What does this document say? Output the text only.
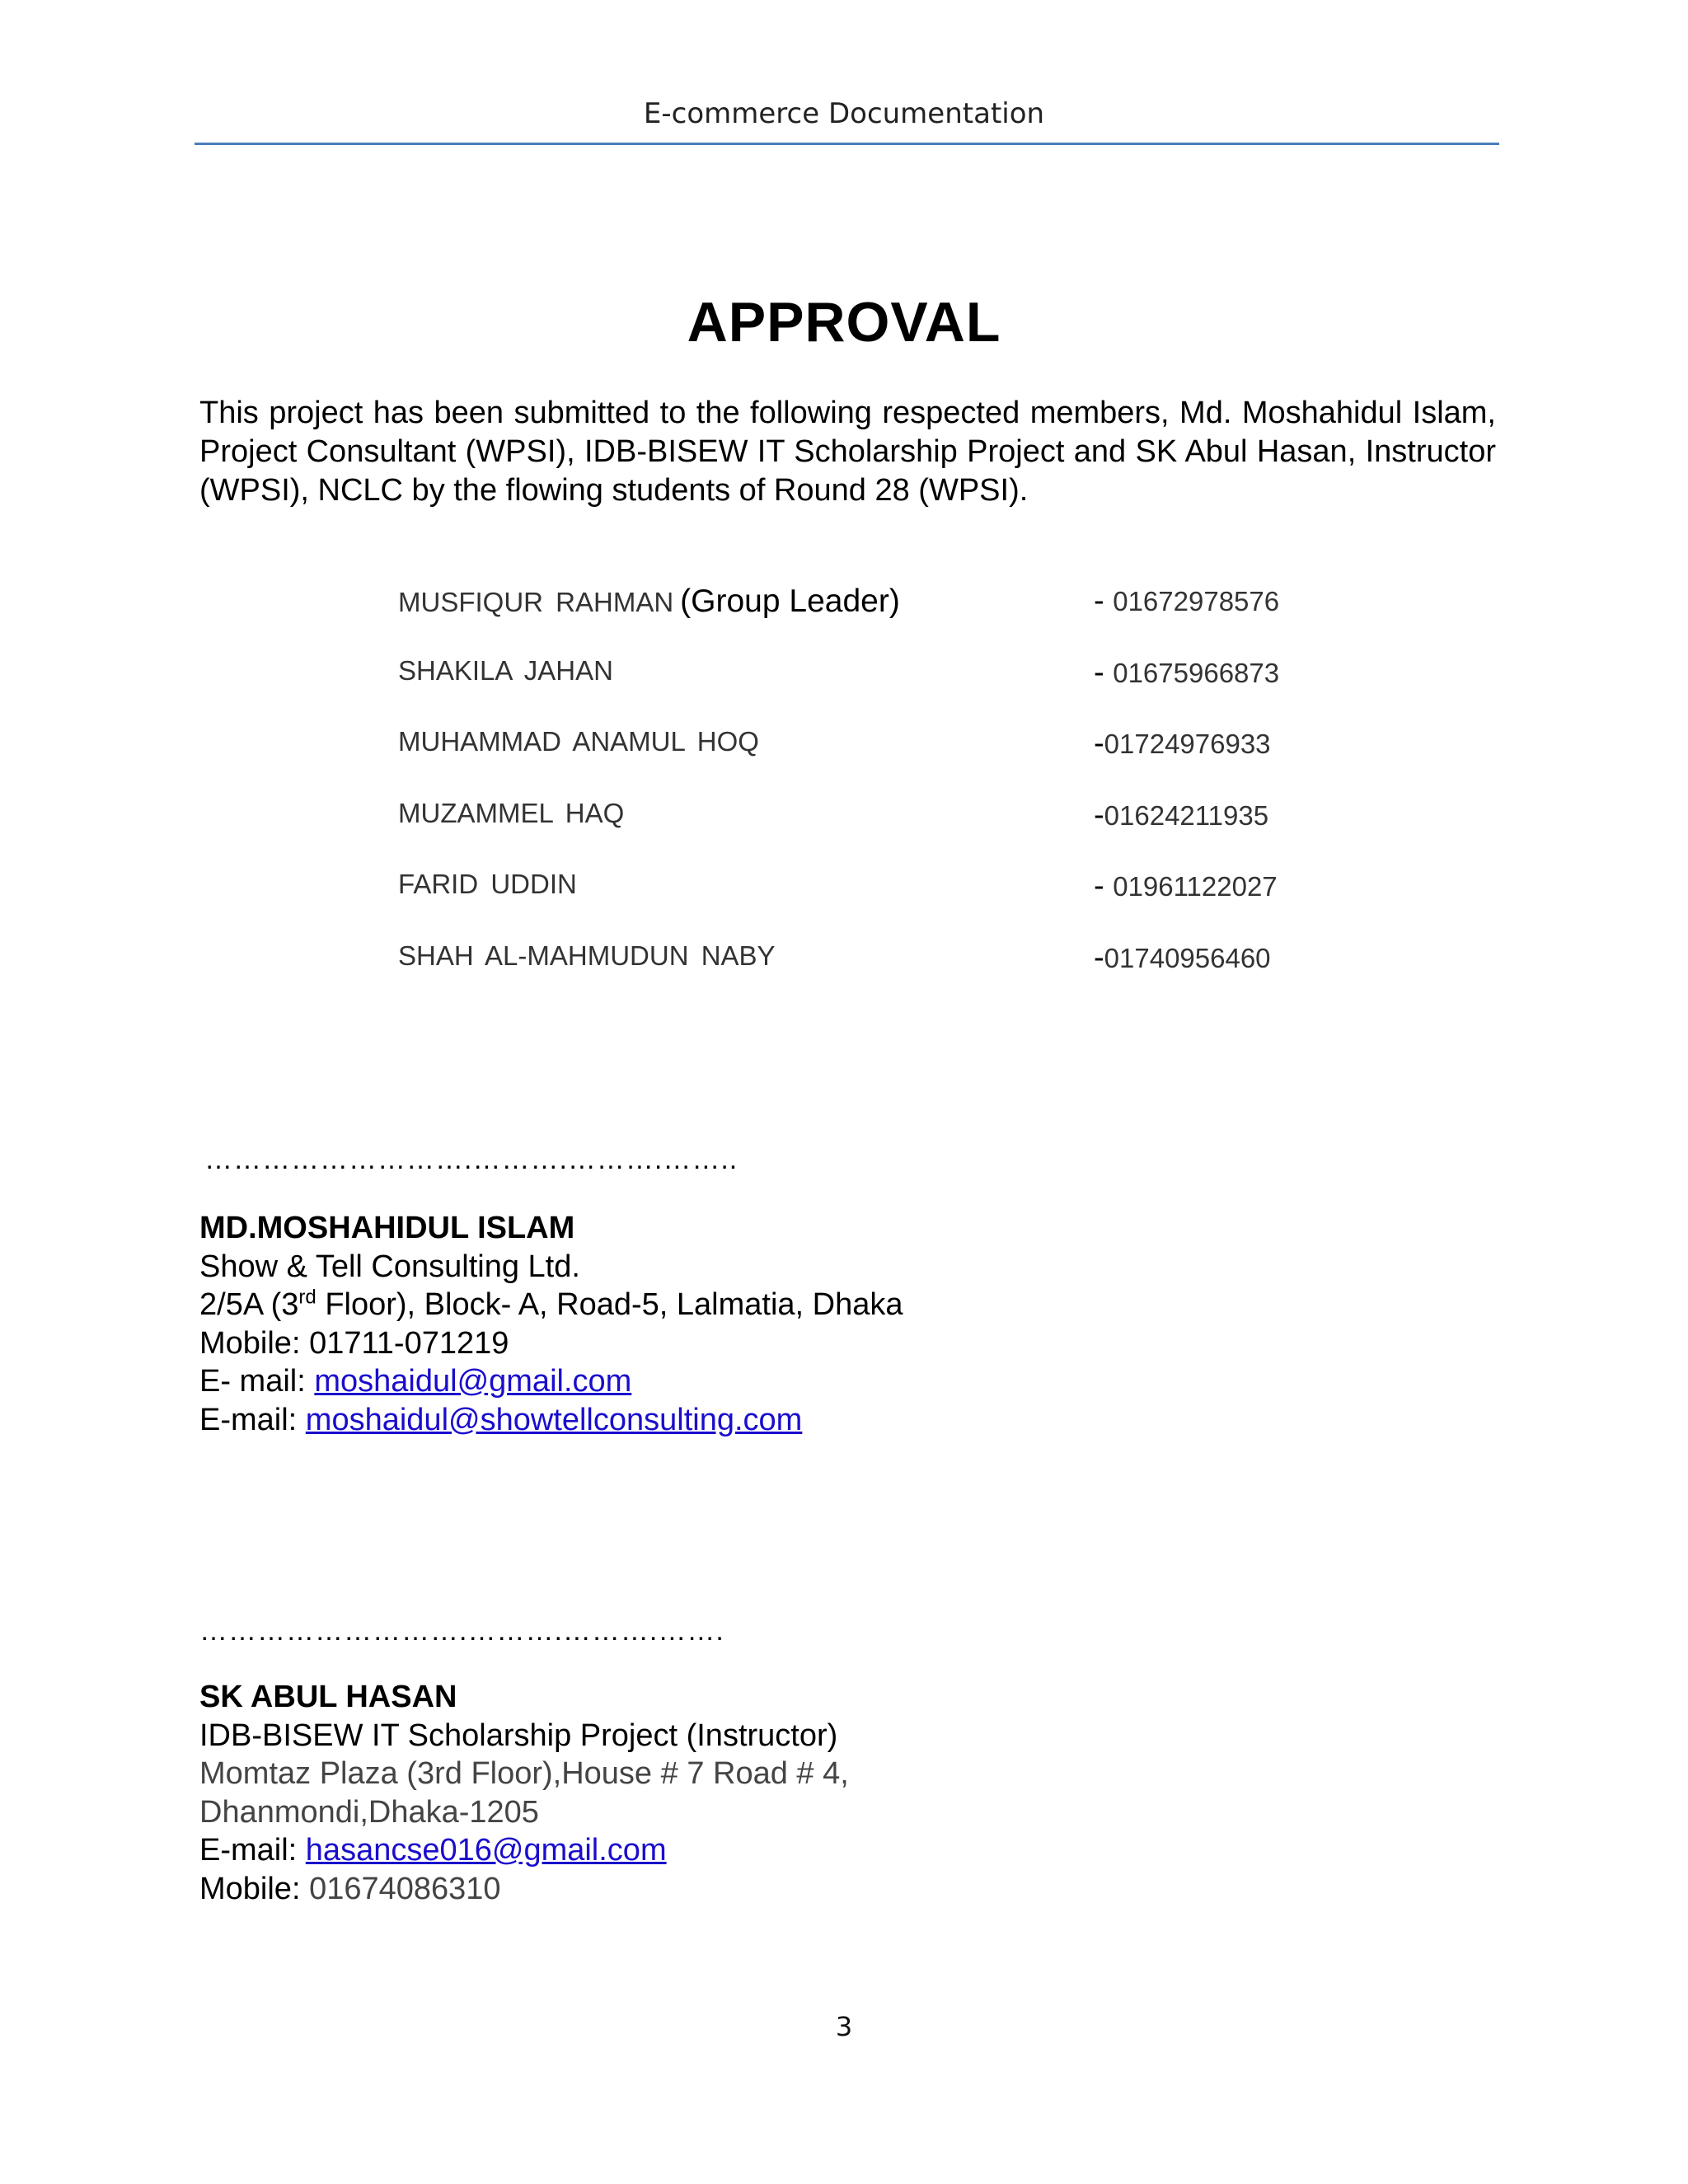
E-commerce Documentation
APPROVAL

This project has been submitted to the following respected members, Md. Moshahidul Islam, Project Consultant (WPSI), IDB-BISEW IT Scholarship Project and SK Abul Hasan, Instructor (WPSI), NCLC by the flowing students of Round 28 (WPSI).

MUSFIQUR RAHMAN (Group Leader)	- 01672978576
SHAKILA JAHAN	- 01675966873
MUHAMMAD ANAMUL HOQ	-01724976933
MUZAMMEL HAQ	-01624211935
FARID UDDIN	- 01961122027
SHAH AL-MAHMUDUN NABY	-01740956460
……………………….……….……….……..
MD.MOSHAHIDUL ISLAM
Show & Tell Consulting Ltd.
2/5A (3rd Floor), Block- A, Road-5, Lalmatia, Dhaka
Mobile: 01711-071219
E- mail: moshaidul@gmail.com
E-mail: moshaidul@showtellconsulting.com
……………………….……….……….…….
SK ABUL HASAN
IDB-BISEW IT Scholarship Project (Instructor)
Momtaz Plaza (3rd Floor),House # 7 Road # 4,
Dhanmondi,Dhaka-1205
E-mail: hasancse016@gmail.com
Mobile: 01674086310
3
